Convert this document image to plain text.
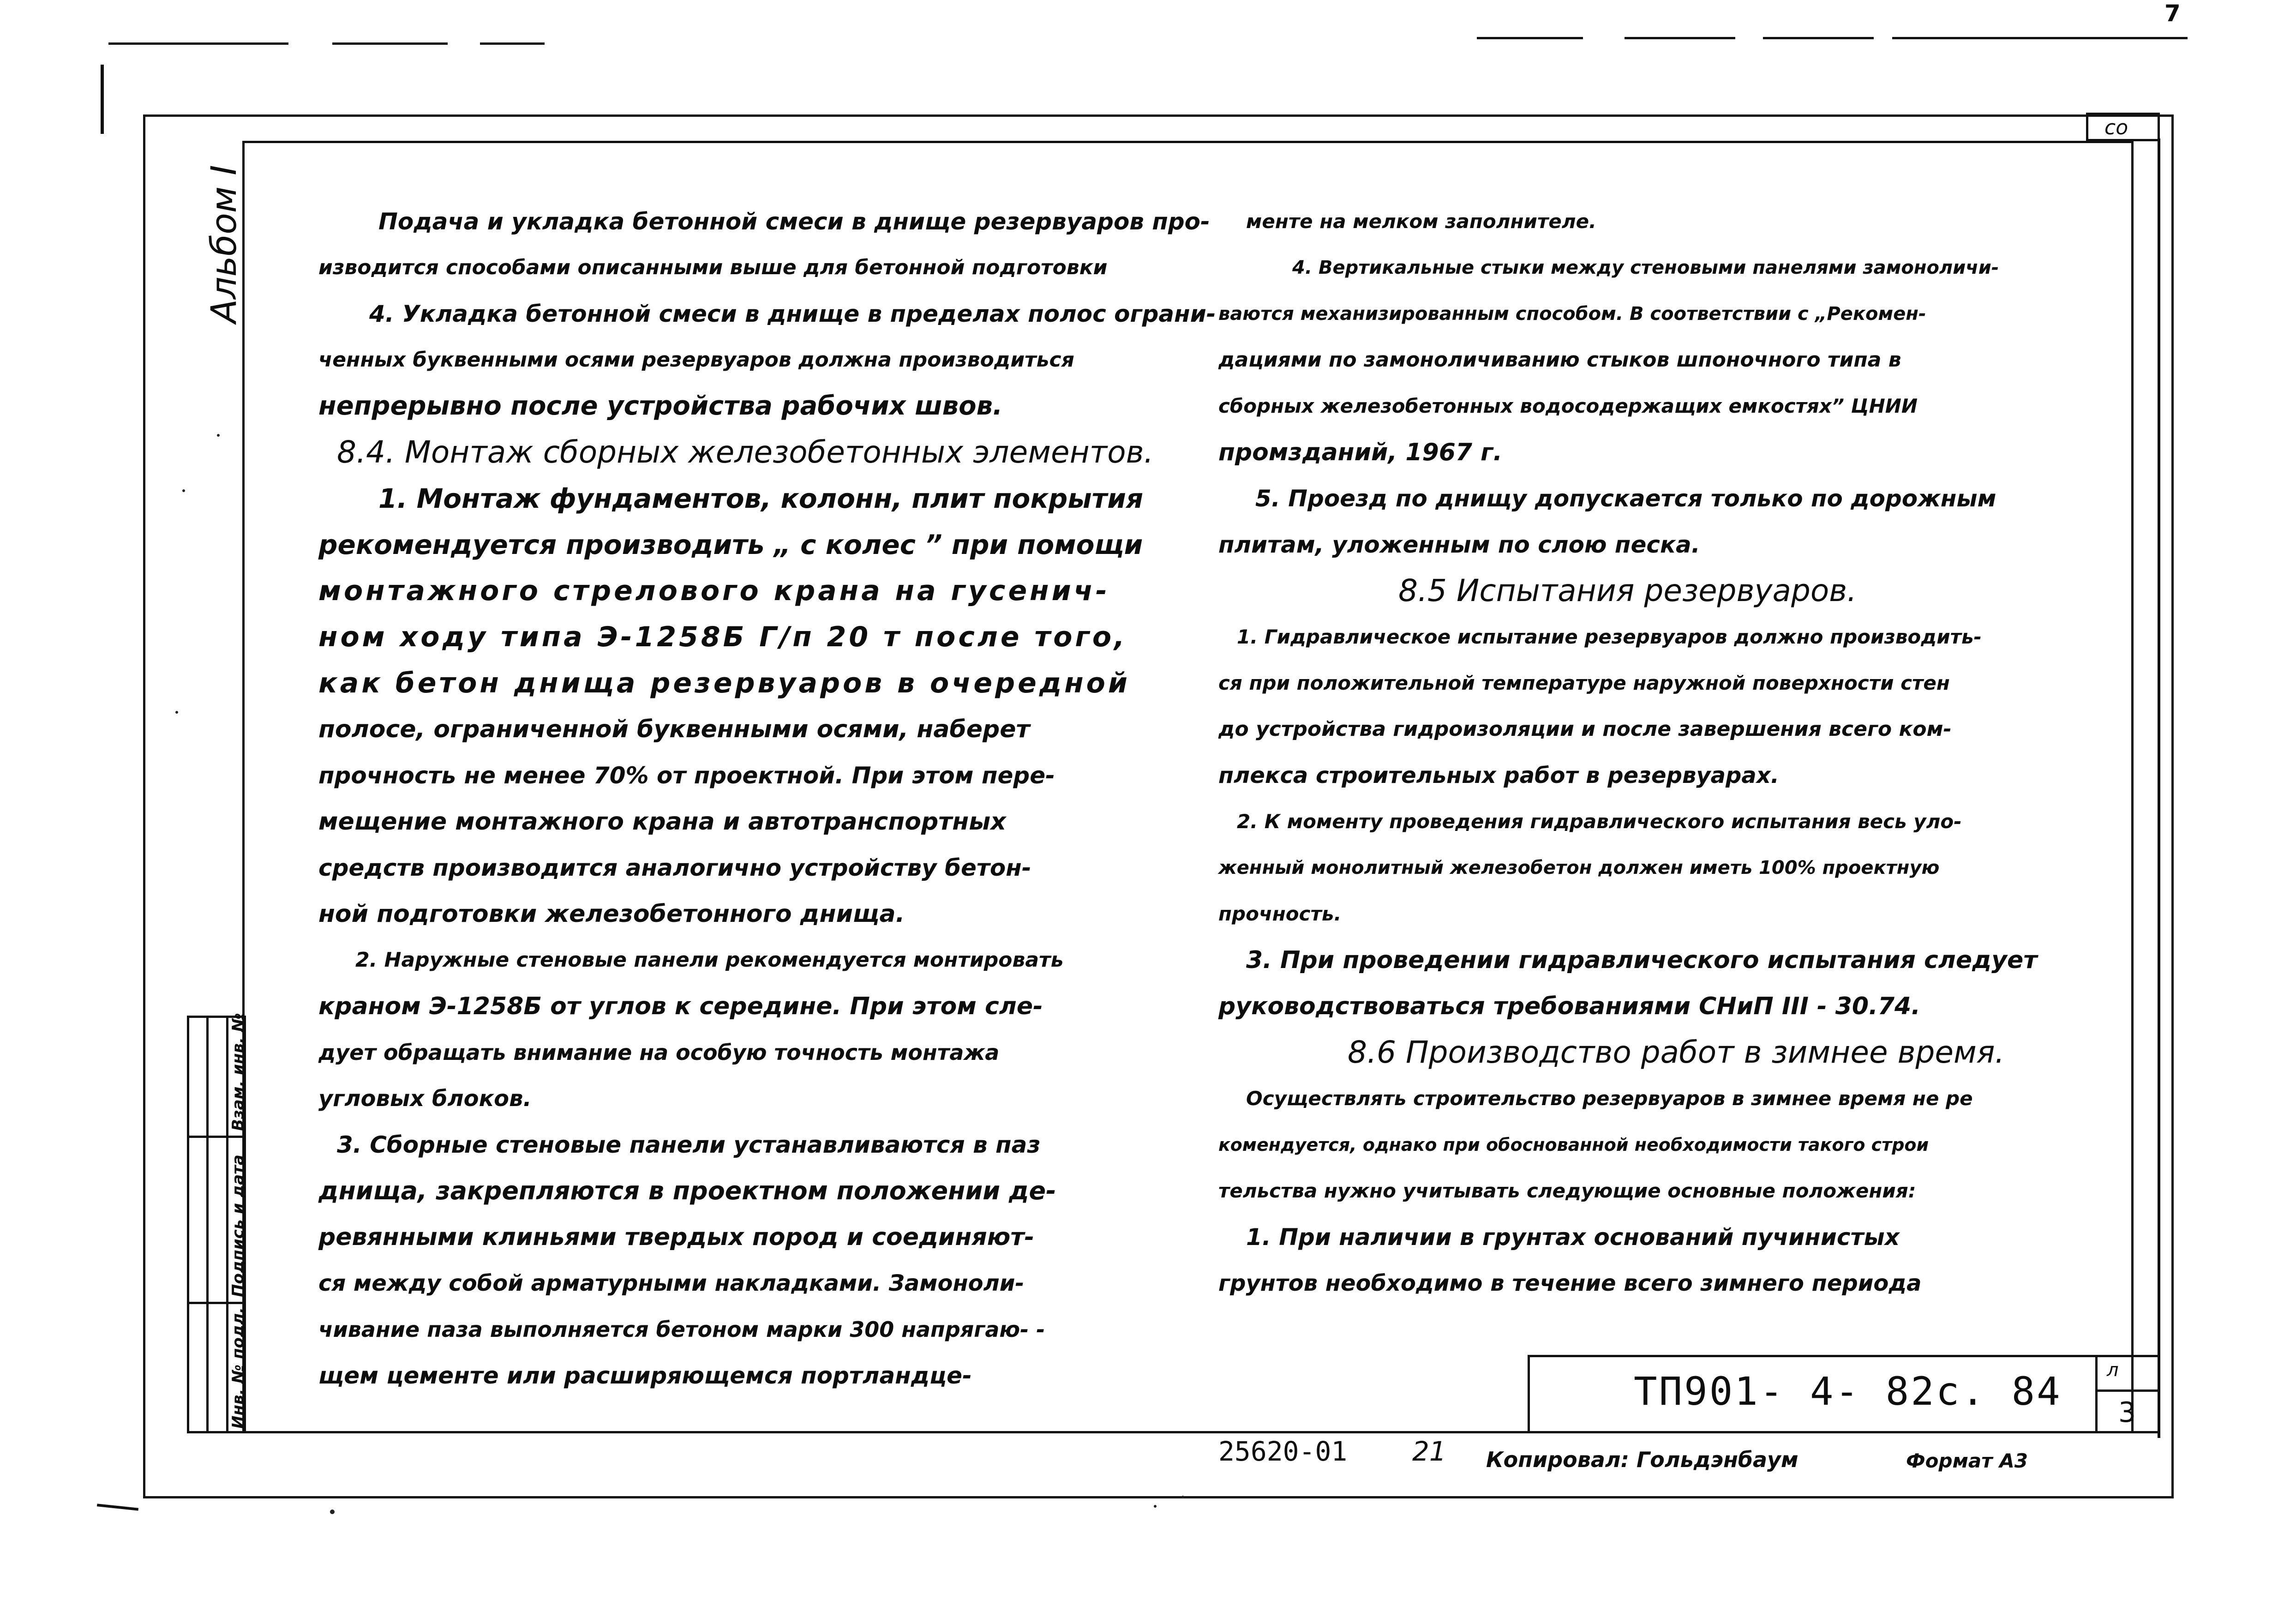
7
со
Альбом I
Взам. инв. №
Подпись и дата
Инв. № подл.
Подача и укладка бетонной смеси в днище резервуаров про-
изводится способами описанными выше для бетонной подготовки
4. Укладка бетонной смеси в днище в пределах полос ограни-
ченных буквенными осями резервуаров должна производиться
непрерывно после устройства рабочих швов.
8.4. Монтаж сборных железобетонных элементов.
1. Монтаж фундаментов, колонн, плит покрытия
рекомендуется производить „ с колес ” при помощи
монтажного стрелового крана на гусенич-
ном ходу типа Э-1258Б Г/п 20 т после того,
как бетон днища резервуаров в очередной
полосе, ограниченной буквенными осями, наберет
прочность не менее 70% от проектной. При этом пере-
мещение монтажного крана и автотранспортных
средств производится аналогично устройству бетон-
ной подготовки железобетонного днища.
2. Наружные стеновые панели рекомендуется монтировать
краном Э-1258Б от углов к середине. При этом сле-
дует обращать внимание на особую точность монтажа
угловых блоков.
3. Сборные стеновые панели устанавливаются в паз
днища, закрепляются в проектном положении де-
ревянными клиньями твердых пород и соединяют-
ся между собой арматурными накладками. Замоноли-
чивание паза выполняется бетоном марки 300 напрягаю- -
щем цементе или расширяющемся портландце-
менте на мелком заполнителе.
4. Вертикальные стыки между стеновыми панелями замоноличи-
ваются механизированным способом. В соответствии с „Рекомен-
дациями по замоноличиванию стыков шпоночного типа в
сборных железобетонных водосодержащих емкостях” ЦНИИ
промзданий, 1967 г.
5. Проезд по днищу допускается только по дорожным
плитам, уложенным по слою песка.
8.5 Испытания резервуаров.
1. Гидравлическое испытание резервуаров должно производить-
ся при положительной температуре наружной поверхности стен
до устройства гидроизоляции и после завершения всего ком-
плекса строительных работ в резервуарах.
2. К моменту проведения гидравлического испытания весь уло-
женный монолитный железобетон должен иметь 100% проектную
прочность.
3. При проведении гидравлического испытания следует
руководствоваться требованиями СНиП III - 30.74.
8.6 Производство работ в зимнее время.
Осуществлять строительство резервуаров в зимнее время не ре
комендуется, однако при обоснованной необходимости такого строи
тельства нужно учитывать следующие основные положения:
1. При наличии в грунтах оснований пучинистых
грунтов необходимо в течение всего зимнего периода
ТП901- 4- 82с. 84 л
3
25620-01 21 Копировал: Гольдэнбаум	Формат А3
